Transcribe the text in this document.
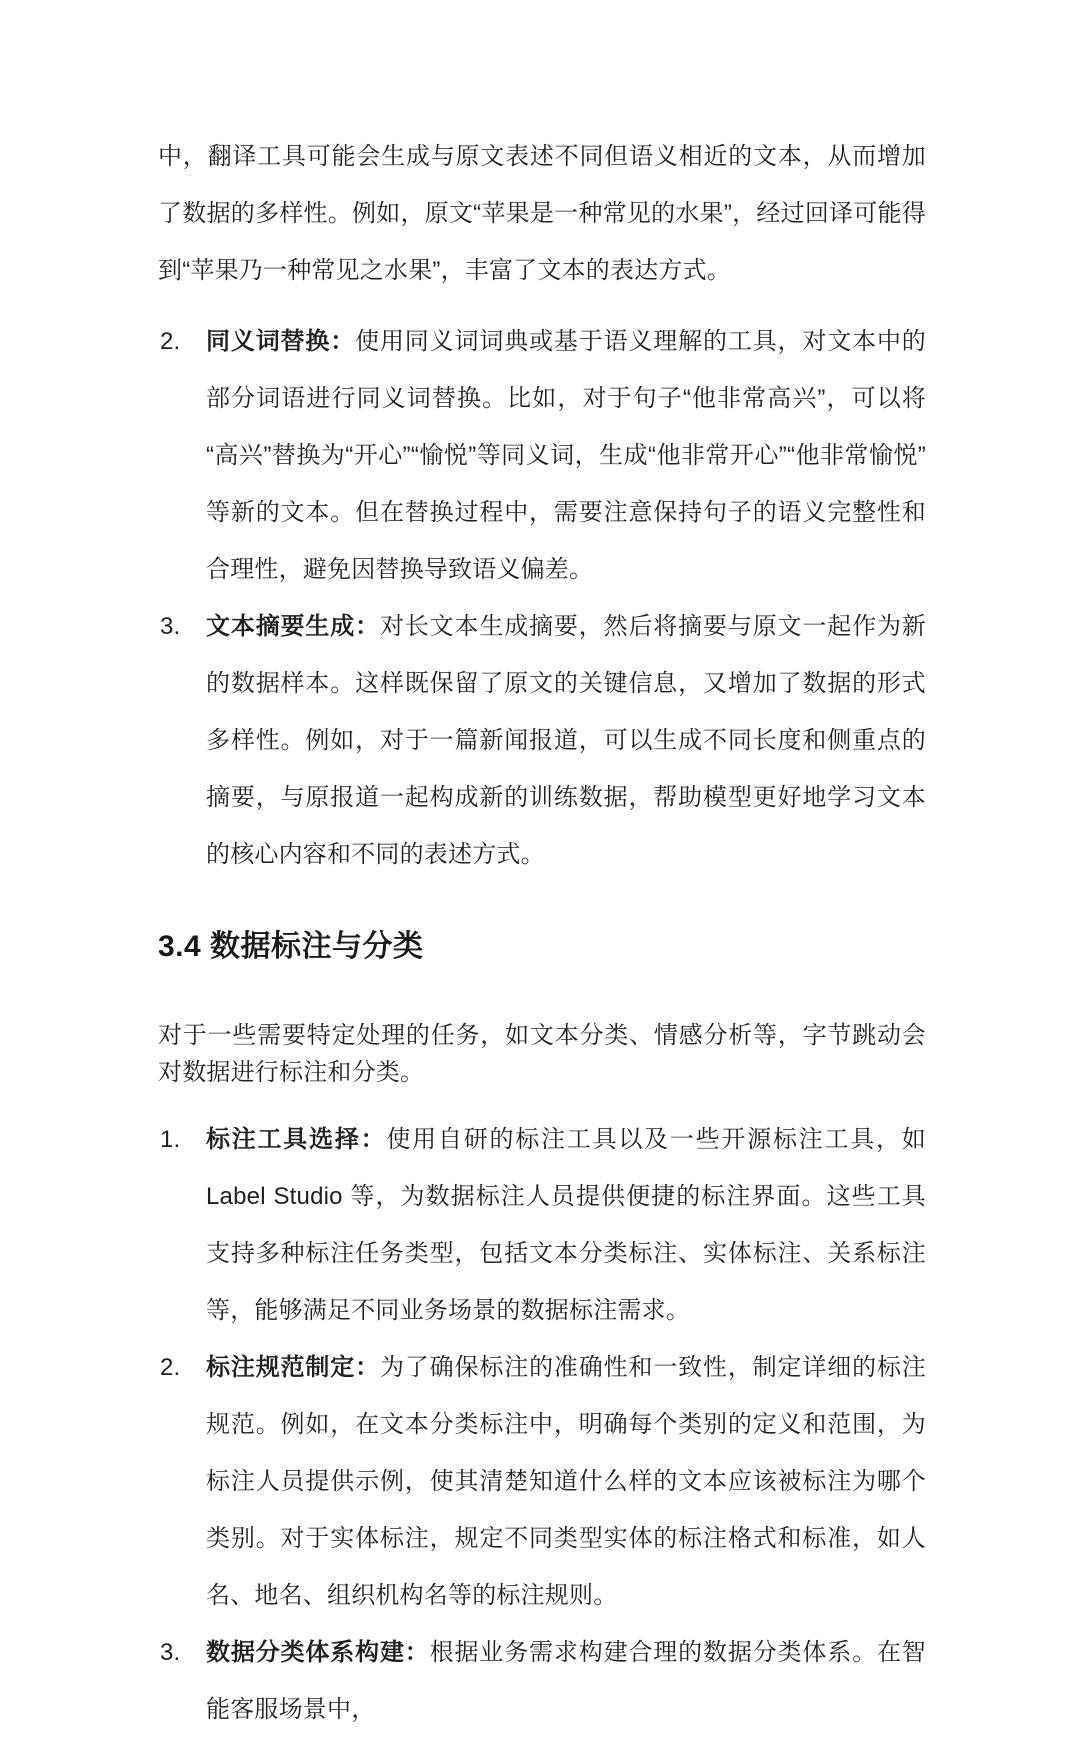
中，翻译工具可能会生成与原文表述不同但语义相近的文本，从而增加了数据的多样性。例如，原文“苹果是一种常见的水果”，经过回译可能得到“苹果乃一种常见之水果”，丰富了文本的表达方式。

2.	同义词替换：使用同义词词典或基于语义理解的工具，对文本中的部分词语进行同义词替换。比如，对于句子“他非常高兴”，可以将“高兴”替换为“开心”“愉悦”等同义词，生成“他非常开心”“他非常愉悦”等新的文本。但在替换过程中，需要注意保持句子的语义完整性和合理性，避免因替换导致语义偏差。
3.	文本摘要生成：对长文本生成摘要，然后将摘要与原文一起作为新的数据样本。这样既保留了原文的关键信息，又增加了数据的形式多样性。例如，对于一篇新闻报道，可以生成不同长度和侧重点的摘要，与原报道一起构成新的训练数据，帮助模型更好地学习文本的核心内容和不同的表述方式。
3.4 数据标注与分类

对于一些需要特定处理的任务，如文本分类、情感分析等，字节跳动会对数据进行标注和分类。

1.	标注工具选择：使用自研的标注工具以及一些开源标注工具，如 Label Studio 等，为数据标注人员提供便捷的标注界面。这些工具支持多种标注任务类型，包括文本分类标注、实体标注、关系标注等，能够满足不同业务场景的数据标注需求。
2.	标注规范制定：为了确保标注的准确性和一致性，制定详细的标注规范。例如，在文本分类标注中，明确每个类别的定义和范围，为标注人员提供示例，使其清楚知道什么样的文本应该被标注为哪个类别。对于实体标注，规定不同类型实体的标注格式和标准，如人名、地名、组织机构名等的标注规则。
3.	数据分类体系构建：根据业务需求构建合理的数据分类体系。在智能客服场景中，
